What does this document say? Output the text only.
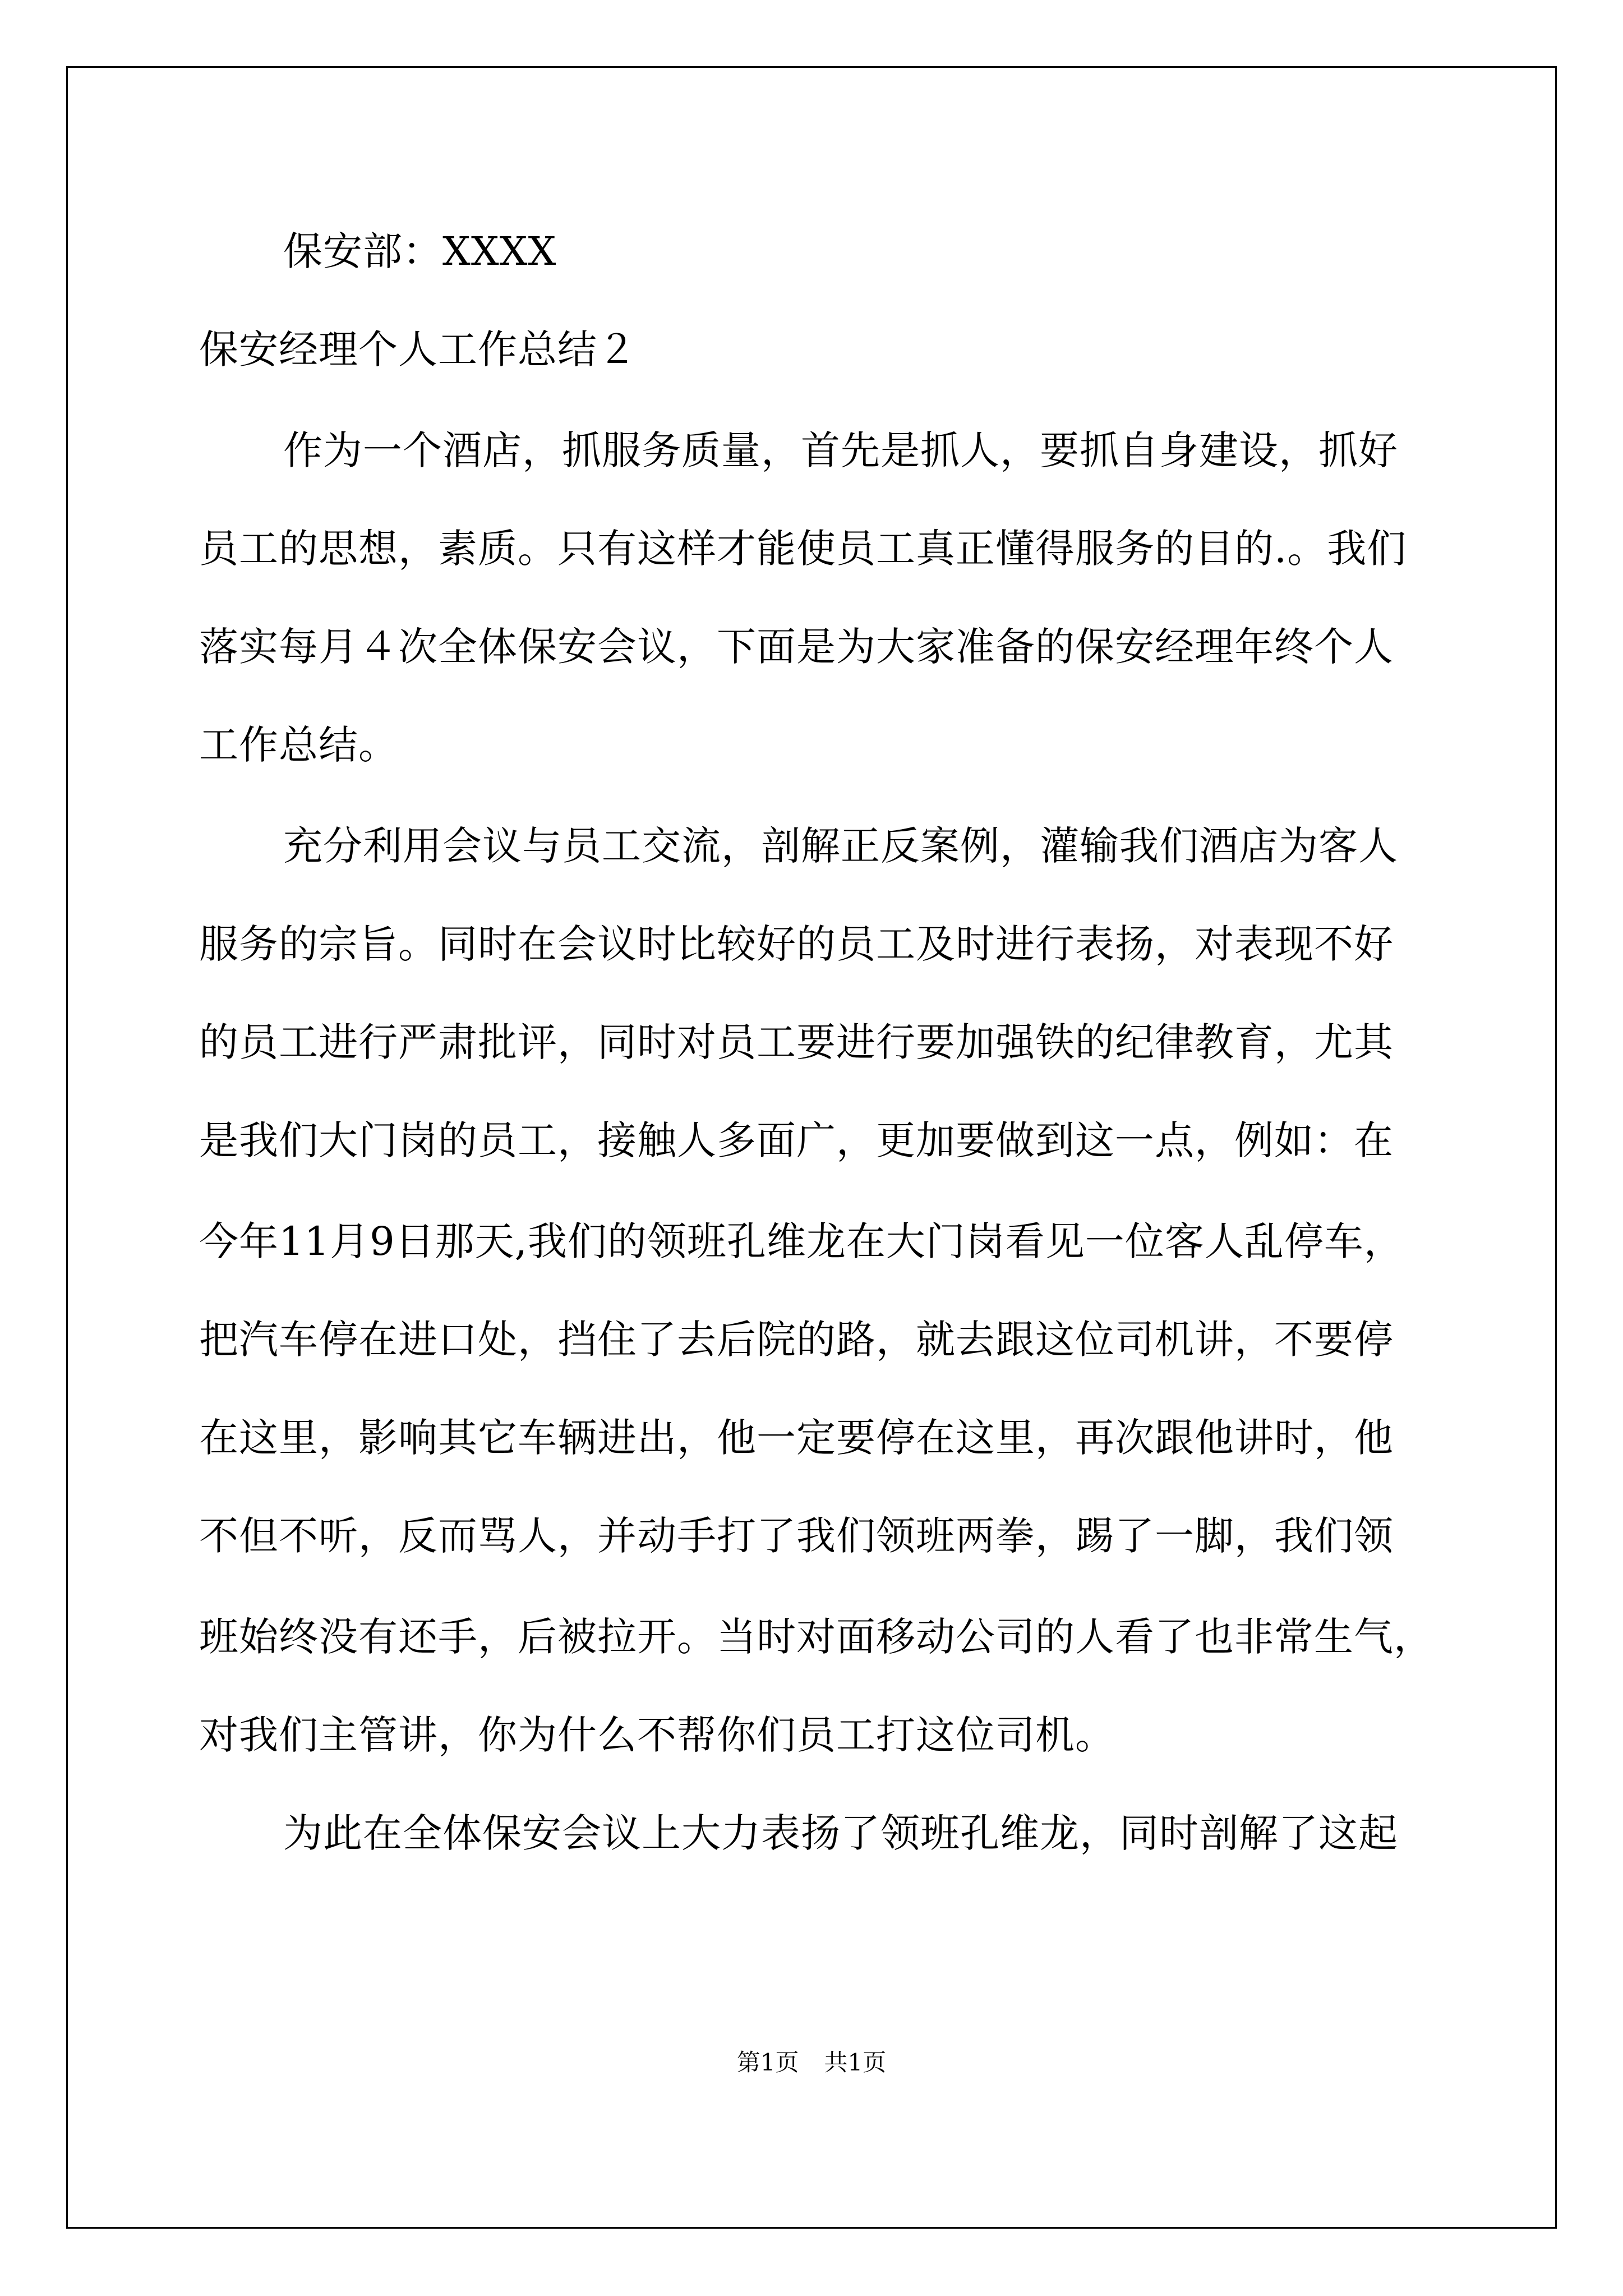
保安部：XXXX
保安经理个人工作总结２
作为一个酒店，抓服务质量，首先是抓人，要抓自身建设，抓好
员工的思想，素质。只有这样才能使员工真正懂得服务的目的.。我们
落实每月４次全体保安会议，下面是为大家准备的保安经理年终个人
工作总结。
充分利用会议与员工交流，剖解正反案例，灌输我们酒店为客人
服务的宗旨。同时在会议时比较好的员工及时进行表扬，对表现不好
的员工进行严肃批评，同时对员工要进行要加强铁的纪律教育，尤其
是我们大门岗的员工，接触人多面广，更加要做到这一点，例如：在
今年11月9日那天,我们的领班孔维龙在大门岗看见一位客人乱停车，
把汽车停在进口处，挡住了去后院的路，就去跟这位司机讲，不要停
在这里，影响其它车辆进出，他一定要停在这里，再次跟他讲时，他
不但不听，反而骂人，并动手打了我们领班两拳，踢了一脚，我们领
班始终没有还手，后被拉开。当时对面移动公司的人看了也非常生气，
对我们主管讲，你为什么不帮你们员工打这位司机。
为此在全体保安会议上大力表扬了领班孔维龙，同时剖解了这起
第1页 共1页
